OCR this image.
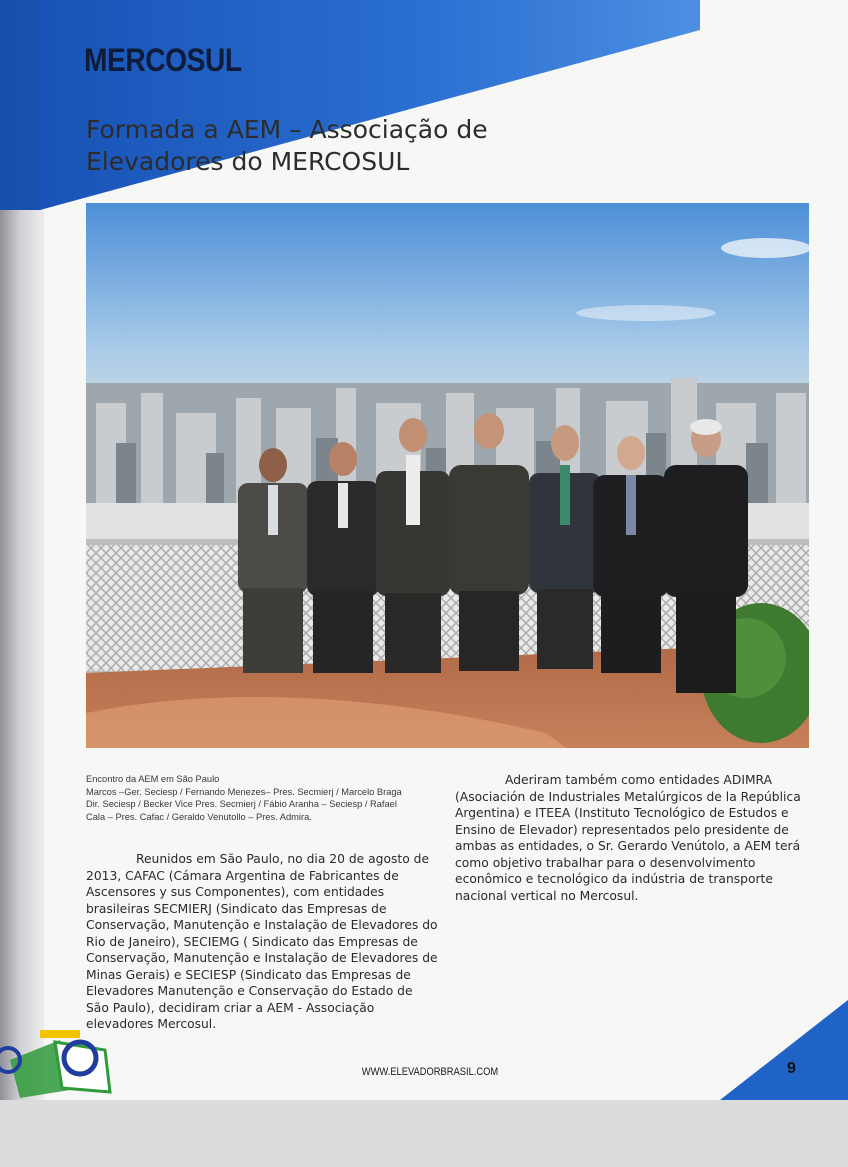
MERCOSUL
Formada a AEM – Associação de
Elevadores do MERCOSUL

Encontro da AEM em São Paulo

Marcos –Ger. Seciesp / Fernando Menezes– Pres. Secmierj / Marcelo Braga Dir. Seciesp / Becker Vice Pres. Secmierj / Fábio Aranha – Seciesp / Rafael Cala – Pres. Cafac / Geraldo Venutollo – Pres. Admira.

Reunidos em São Paulo, no dia 20 de agosto de 2013, CAFAC (Cámara Argentina de Fabricantes de Ascensores y sus Componentes), com entidades brasileiras SECMIERJ (Sindicato das Empresas de Conservação, Manutenção e Instalação de Elevadores do Rio de Janeiro), SECIEMG ( Sindicato das Empresas de Conservação, Manutenção e Instalação de Elevadores de Minas Gerais) e SECIESP (Sindicato das Empresas de Elevadores Manutenção e Conservação do Estado de São Paulo), decidiram criar a AEM - Associação elevadores Mercosul.

Aderiram também como entidades ADIMRA (Asociación de Industriales Metalúrgicos de la República Argentina) e ITEEA (Instituto Tecnológico de Estudos e Ensino de Elevador) representados pelo presidente de ambas as entidades, o Sr. Gerardo Venútolo, a AEM terá como objetivo trabalhar para o desenvolvimento econômico e tecnológico da indústria de transporte nacional vertical no Mercosul.

WWW.ELEVADORBRASIL.COM	9
